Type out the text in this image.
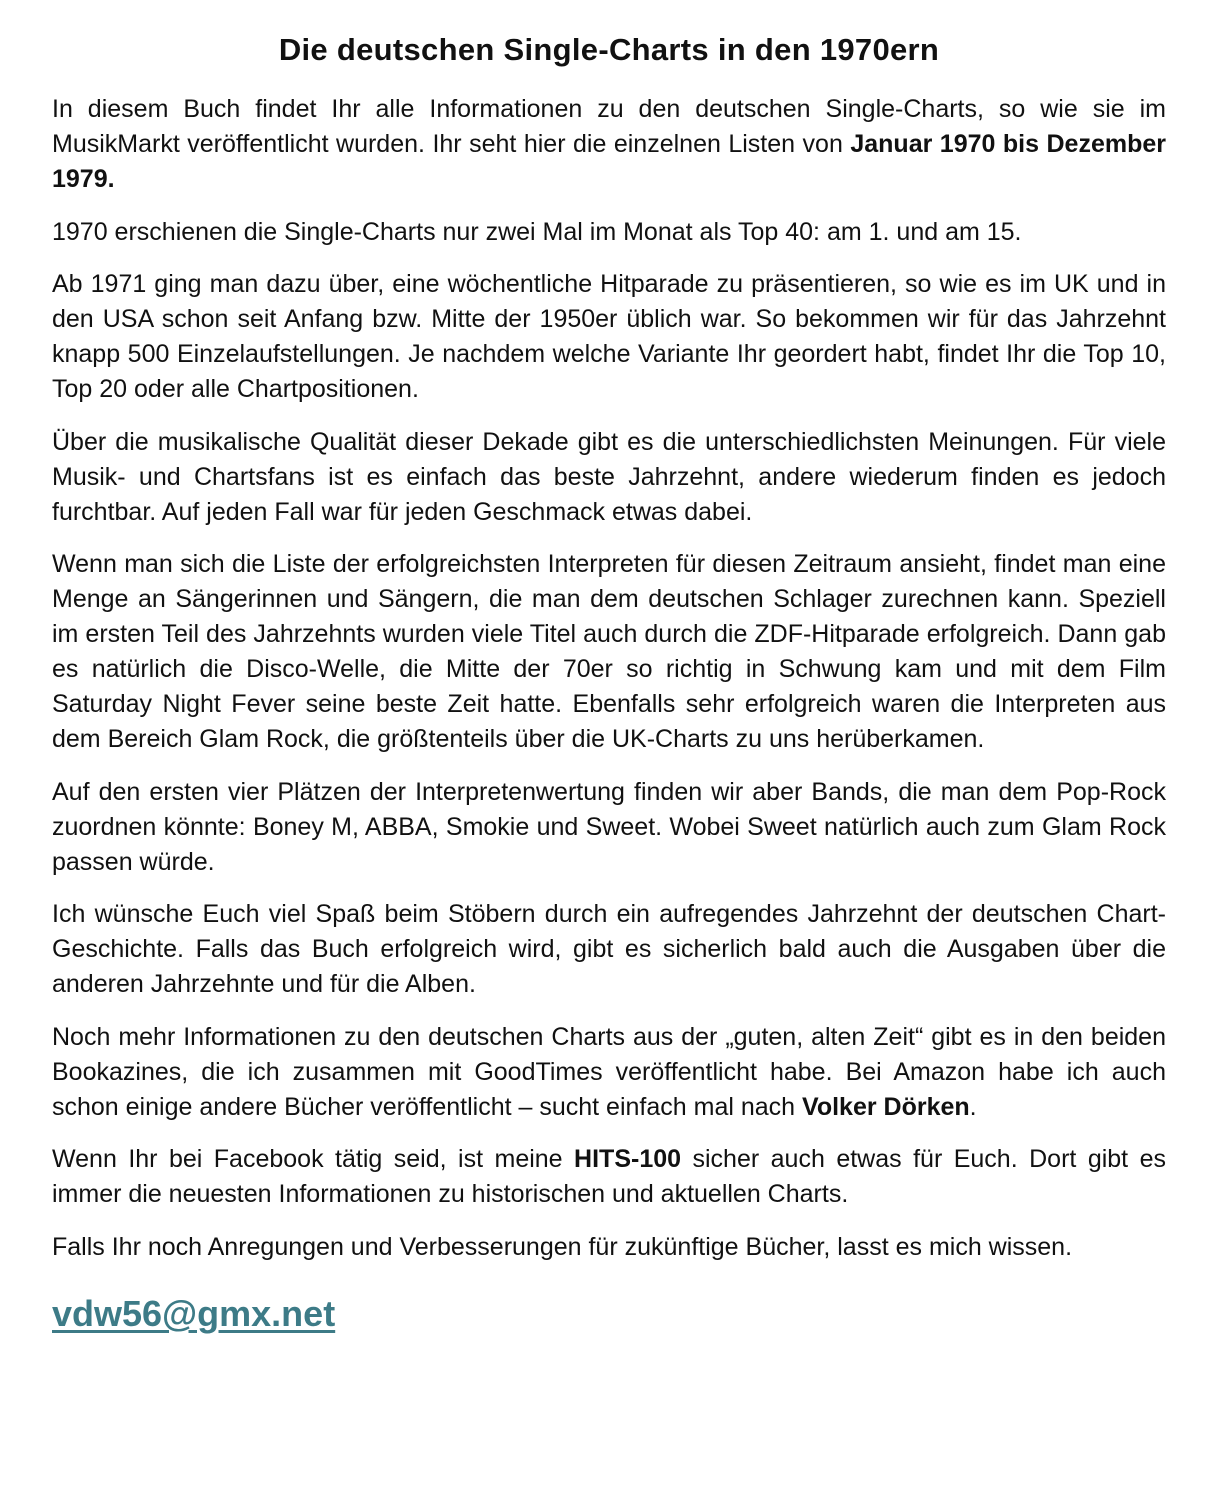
Die deutschen Single-Charts in den 1970ern

In diesem Buch findet Ihr alle Informationen zu den deutschen Single-Charts, so wie sie im MusikMarkt veröffentlicht wurden. Ihr seht hier die einzelnen Listen von Januar 1970 bis Dezember 1979.

1970 erschienen die Single-Charts nur zwei Mal im Monat als Top 40: am 1. und am 15.

Ab 1971 ging man dazu über, eine wöchentliche Hitparade zu präsentieren, so wie es im UK und in den USA schon seit Anfang bzw. Mitte der 1950er üblich war. So bekommen wir für das Jahrzehnt knapp 500 Einzelaufstellungen. Je nachdem welche Variante Ihr geordert habt, findet Ihr die Top 10, Top 20 oder alle Chartpositionen.

Über die musikalische Qualität dieser Dekade gibt es die unterschiedlichsten Meinungen. Für viele Musik- und Chartsfans ist es einfach das beste Jahrzehnt, andere wiederum finden es jedoch furchtbar. Auf jeden Fall war für jeden Geschmack etwas dabei.

Wenn man sich die Liste der erfolgreichsten Interpreten für diesen Zeitraum ansieht, findet man eine Menge an Sängerinnen und Sängern, die man dem deutschen Schlager zurechnen kann. Speziell im ersten Teil des Jahrzehnts wurden viele Titel auch durch die ZDF-Hitparade erfolgreich. Dann gab es natürlich die Disco-Welle, die Mitte der 70er so richtig in Schwung kam und mit dem Film Saturday Night Fever seine beste Zeit hatte. Ebenfalls sehr erfolgreich waren die Interpreten aus dem Bereich Glam Rock, die größtenteils über die UK-Charts zu uns herüberkamen.

Auf den ersten vier Plätzen der Interpretenwertung finden wir aber Bands, die man dem Pop-Rock zuordnen könnte: Boney M, ABBA, Smokie und Sweet. Wobei Sweet natürlich auch zum Glam Rock passen würde.

Ich wünsche Euch viel Spaß beim Stöbern durch ein aufregendes Jahrzehnt der deutschen Chart-Geschichte. Falls das Buch erfolgreich wird, gibt es sicherlich bald auch die Ausgaben über die anderen Jahrzehnte und für die Alben.

Noch mehr Informationen zu den deutschen Charts aus der „guten, alten Zeit“ gibt es in den beiden Bookazines, die ich zusammen mit GoodTimes veröffentlicht habe. Bei Amazon habe ich auch schon einige andere Bücher veröffentlicht – sucht einfach mal nach Volker Dörken.

Wenn Ihr bei Facebook tätig seid, ist meine HITS-100 sicher auch etwas für Euch. Dort gibt es immer die neuesten Informationen zu historischen und aktuellen Charts.

Falls Ihr noch Anregungen und Verbesserungen für zukünftige Bücher, lasst es mich wissen.

vdw56@gmx.net
